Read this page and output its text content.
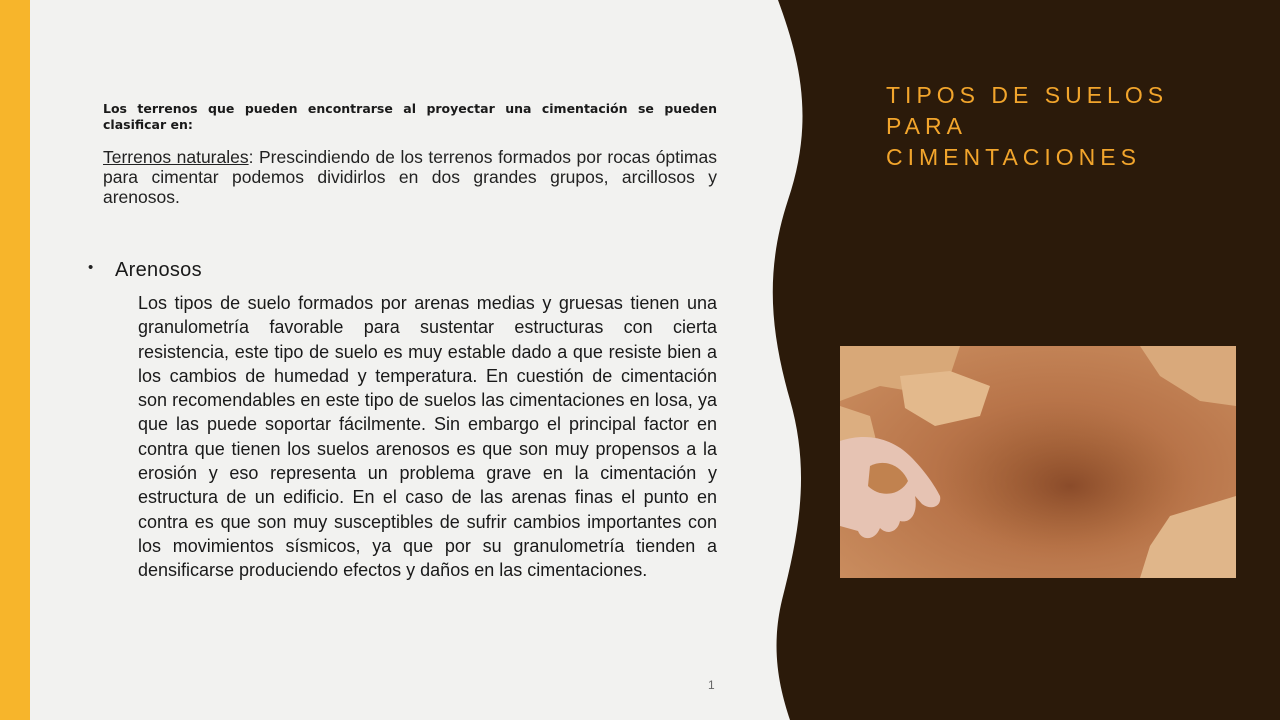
TIPOS DE SUELOS
PARA
CIMENTACIONES
Los terrenos que pueden encontrarse al proyectar una cimentación se pueden clasificar en:
Terrenos naturales: Prescindiendo de los terrenos formados por rocas óptimas para cimentar podemos dividirlos en dos grandes grupos, arcillosos y arenosos.
• Arenosos
Los tipos de suelo formados por arenas medias y gruesas tienen una granulometría favorable para sustentar estructuras con cierta resistencia, este tipo de suelo es muy estable dado a que resiste bien a los cambios de humedad y temperatura. En cuestión de cimentación son recomendables en este tipo de suelos las cimentaciones en losa, ya que las puede soportar fácilmente. Sin embargo el principal factor en contra que tienen los suelos arenosos es que son muy propensos a la erosión y eso representa un problema grave en la cimentación y estructura de un edificio. En el caso de las arenas finas el punto en contra es que son muy susceptibles de sufrir cambios importantes con los movimientos sísmicos, ya que por su granulometría tienden a densificarse produciendo efectos y daños en las cimentaciones.
1
